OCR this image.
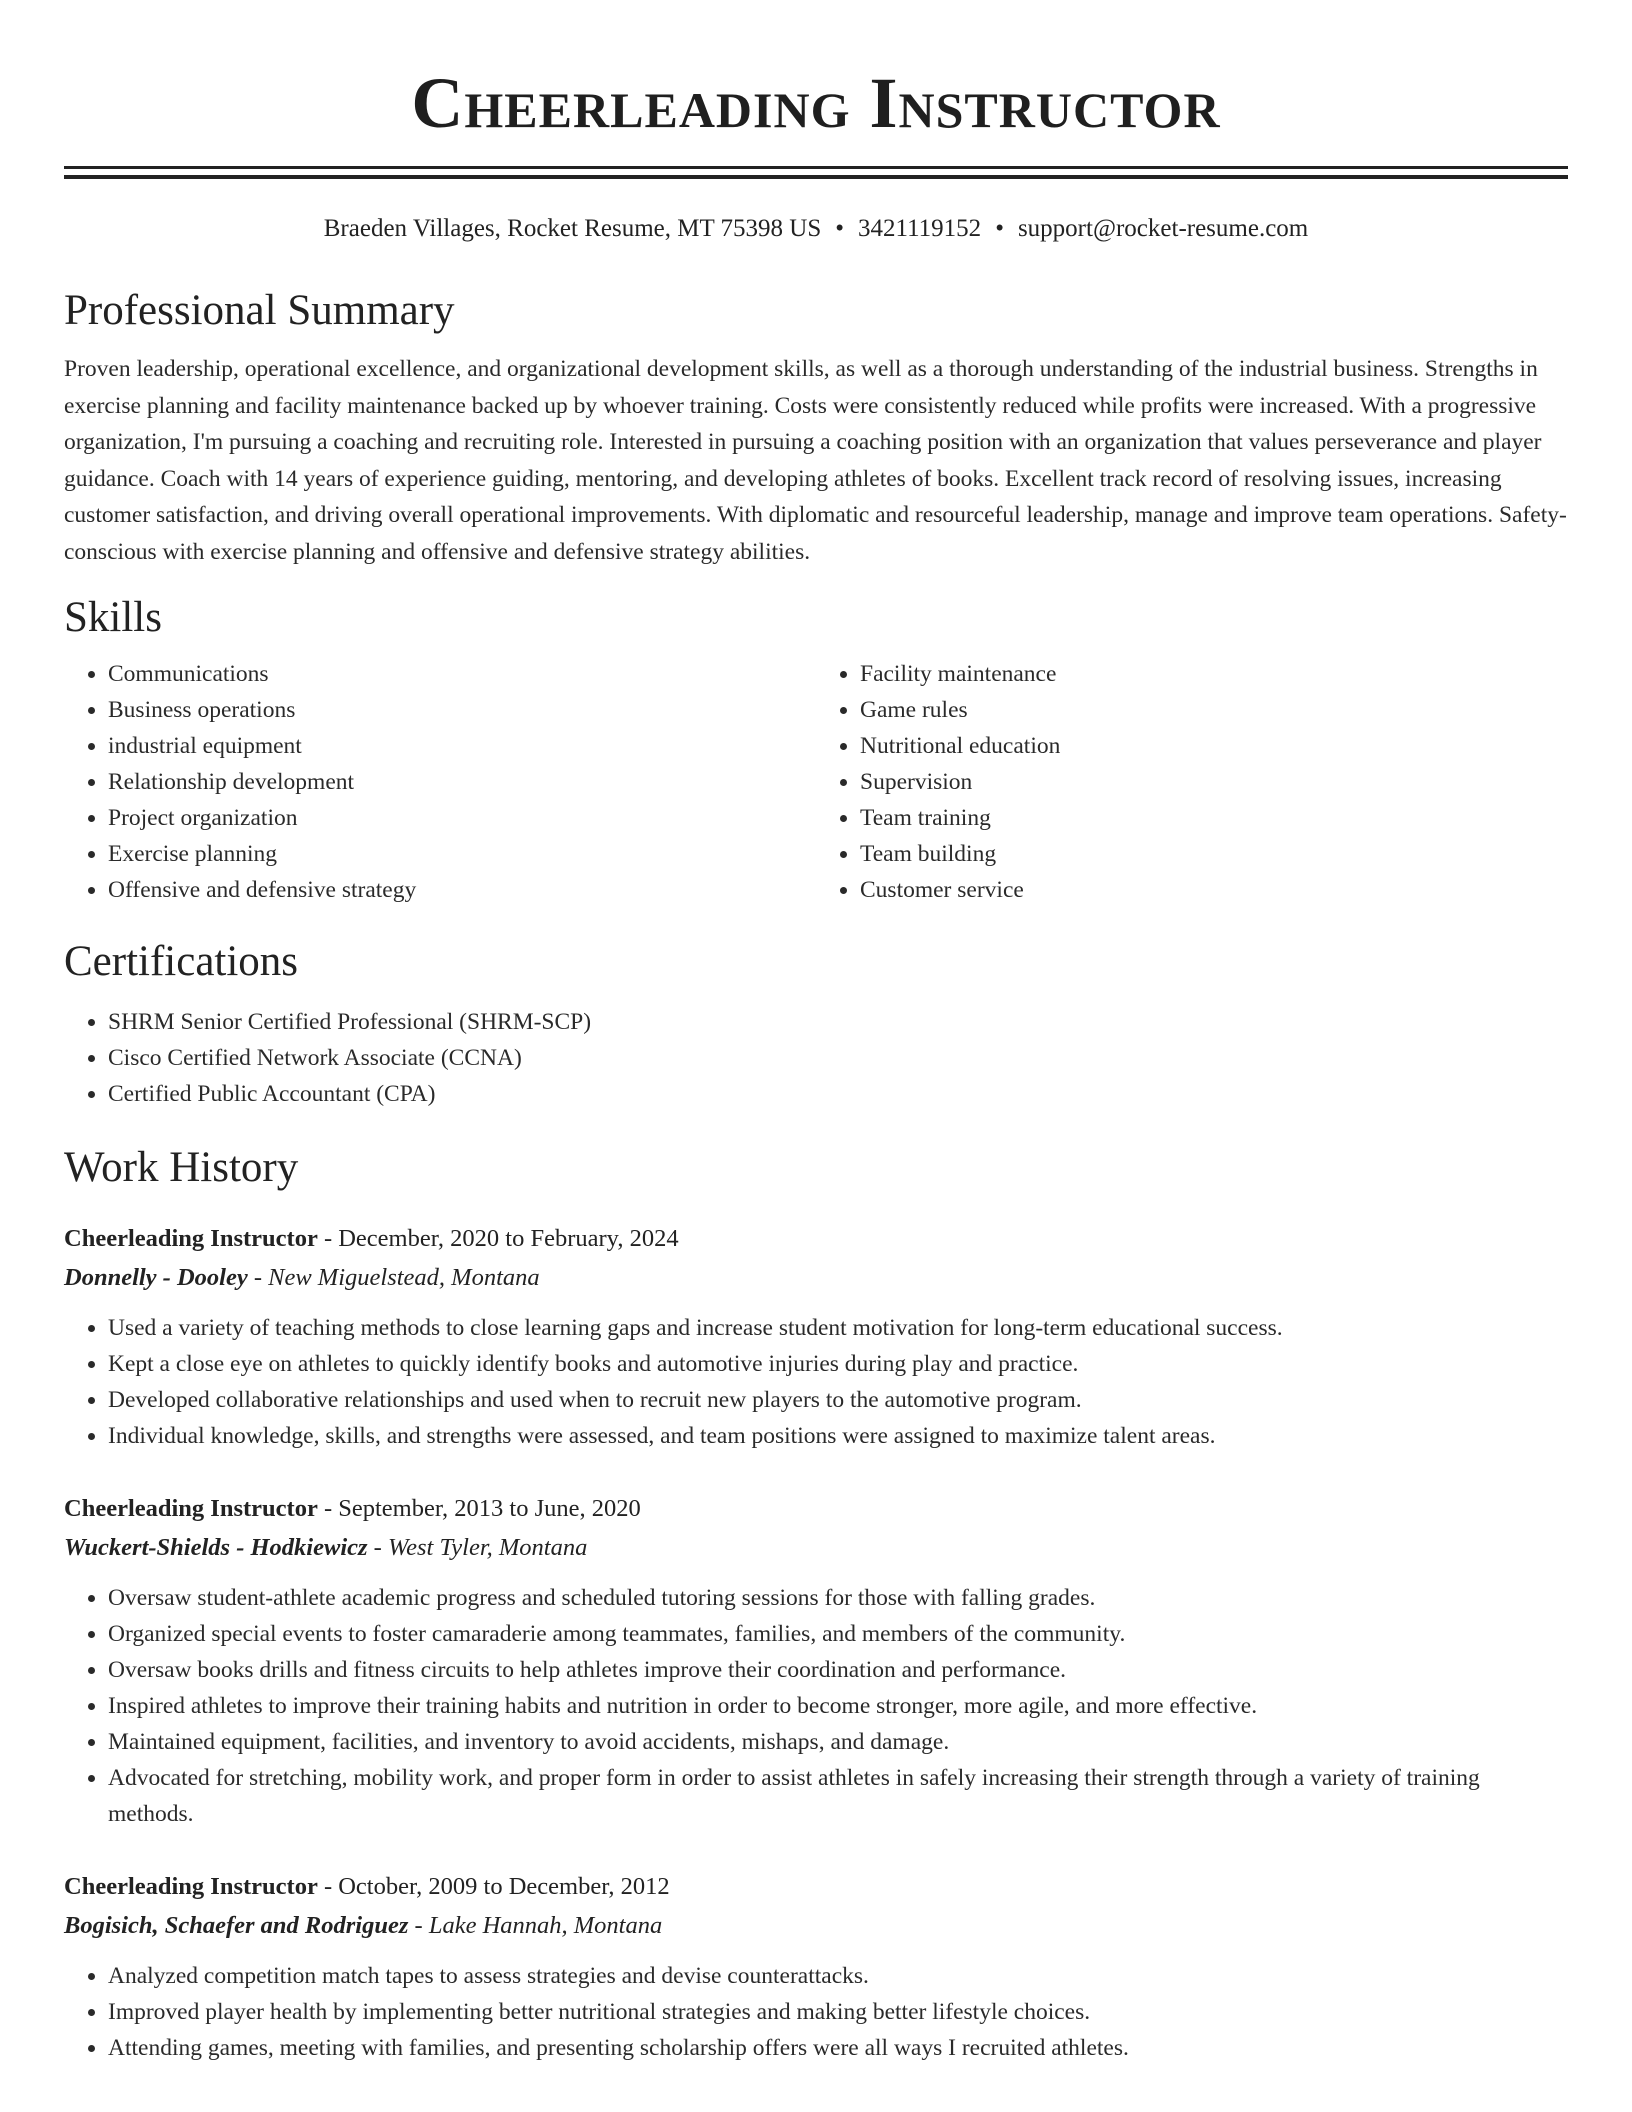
Cheerleading Instructor
Braeden Villages, Rocket Resume, MT 75398 US • 3421119152 • support@rocket-resume.com
Professional Summary
Proven leadership, operational excellence, and organizational development skills, as well as a thorough understanding of the industrial business. Strengths in exercise planning and facility maintenance backed up by whoever training. Costs were consistently reduced while profits were increased. With a progressive organization, I'm pursuing a coaching and recruiting role. Interested in pursuing a coaching position with an organization that values perseverance and player guidance. Coach with 14 years of experience guiding, mentoring, and developing athletes of books. Excellent track record of resolving issues, increasing customer satisfaction, and driving overall operational improvements. With diplomatic and resourceful leadership, manage and improve team operations. Safety-conscious with exercise planning and offensive and defensive strategy abilities.
Skills
• Communications
• Business operations
• industrial equipment
• Relationship development
• Project organization
• Exercise planning
• Offensive and defensive strategy
• Facility maintenance
• Game rules
• Nutritional education
• Supervision
• Team training
• Team building
• Customer service
Certifications
• SHRM Senior Certified Professional (SHRM-SCP)
• Cisco Certified Network Associate (CCNA)
• Certified Public Accountant (CPA)
Work History
Cheerleading Instructor - December, 2020 to February, 2024
Donnelly - Dooley - New Miguelstead, Montana
• Used a variety of teaching methods to close learning gaps and increase student motivation for long-term educational success.
• Kept a close eye on athletes to quickly identify books and automotive injuries during play and practice.
• Developed collaborative relationships and used when to recruit new players to the automotive program.
• Individual knowledge, skills, and strengths were assessed, and team positions were assigned to maximize talent areas.
Cheerleading Instructor - September, 2013 to June, 2020
Wuckert-Shields - Hodkiewicz - West Tyler, Montana
• Oversaw student-athlete academic progress and scheduled tutoring sessions for those with falling grades.
• Organized special events to foster camaraderie among teammates, families, and members of the community.
• Oversaw books drills and fitness circuits to help athletes improve their coordination and performance.
• Inspired athletes to improve their training habits and nutrition in order to become stronger, more agile, and more effective.
• Maintained equipment, facilities, and inventory to avoid accidents, mishaps, and damage.
• Advocated for stretching, mobility work, and proper form in order to assist athletes in safely increasing their strength through a variety of training methods.
Cheerleading Instructor - October, 2009 to December, 2012
Bogisich, Schaefer and Rodriguez - Lake Hannah, Montana
• Analyzed competition match tapes to assess strategies and devise counterattacks.
• Improved player health by implementing better nutritional strategies and making better lifestyle choices.
• Attending games, meeting with families, and presenting scholarship offers were all ways I recruited athletes.
